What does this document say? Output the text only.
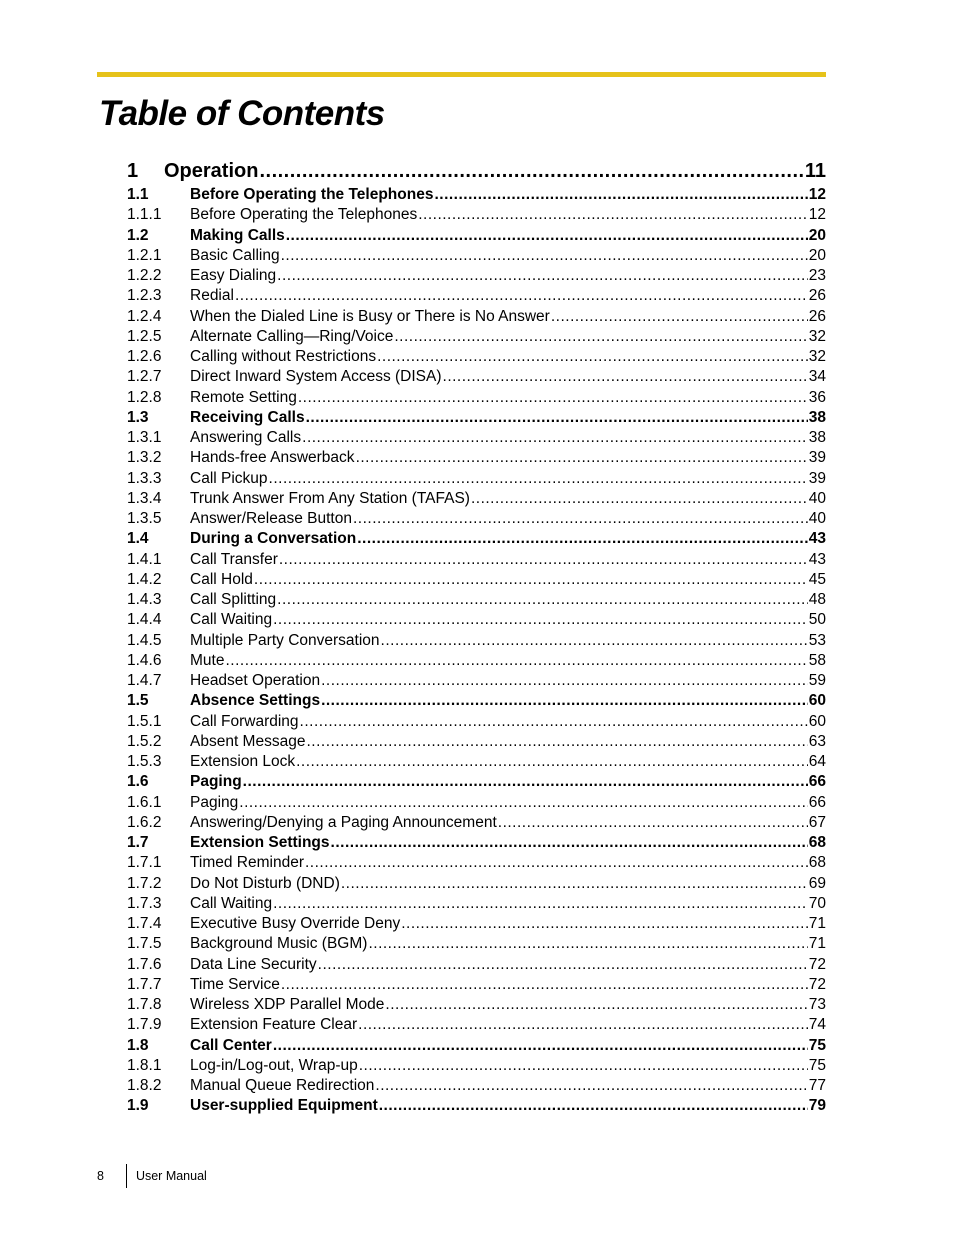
Table of Contents
1	Operation .....	11
1.1	Before Operating the Telephones .....	12
1.1.1	Before Operating the Telephones .....	12
1.2	Making Calls .....	20
1.2.1	Basic Calling .....	20
1.2.2	Easy Dialing .....	23
1.2.3	Redial .....	26
1.2.4	When the Dialed Line is Busy or There is No Answer .....	26
1.2.5	Alternate Calling—Ring/Voice .....	32
1.2.6	Calling without Restrictions .....	32
1.2.7	Direct Inward System Access (DISA) .....	34
1.2.8	Remote Setting .....	36
1.3	Receiving Calls .....	38
1.3.1	Answering Calls .....	38
1.3.2	Hands-free Answerback .....	39
1.3.3	Call Pickup .....	39
1.3.4	Trunk Answer From Any Station (TAFAS) .....	40
1.3.5	Answer/Release Button .....	40
1.4	During a Conversation .....	43
1.4.1	Call Transfer .....	43
1.4.2	Call Hold .....	45
1.4.3	Call Splitting .....	48
1.4.4	Call Waiting .....	50
1.4.5	Multiple Party Conversation .....	53
1.4.6	Mute .....	58
1.4.7	Headset Operation .....	59
1.5	Absence Settings .....	60
1.5.1	Call Forwarding .....	60
1.5.2	Absent Message .....	63
1.5.3	Extension Lock .....	64
1.6	Paging .....	66
1.6.1	Paging .....	66
1.6.2	Answering/Denying a Paging Announcement .....	67
1.7	Extension Settings .....	68
1.7.1	Timed Reminder .....	68
1.7.2	Do Not Disturb (DND) .....	69
1.7.3	Call Waiting .....	70
1.7.4	Executive Busy Override Deny .....	71
1.7.5	Background Music (BGM) .....	71
1.7.6	Data Line Security .....	72
1.7.7	Time Service .....	72
1.7.8	Wireless XDP Parallel Mode .....	73
1.7.9	Extension Feature Clear .....	74
1.8	Call Center .....	75
1.8.1	Log-in/Log-out, Wrap-up .....	75
1.8.2	Manual Queue Redirection .....	77
1.9	User-supplied Equipment .....	79
8	User Manual
